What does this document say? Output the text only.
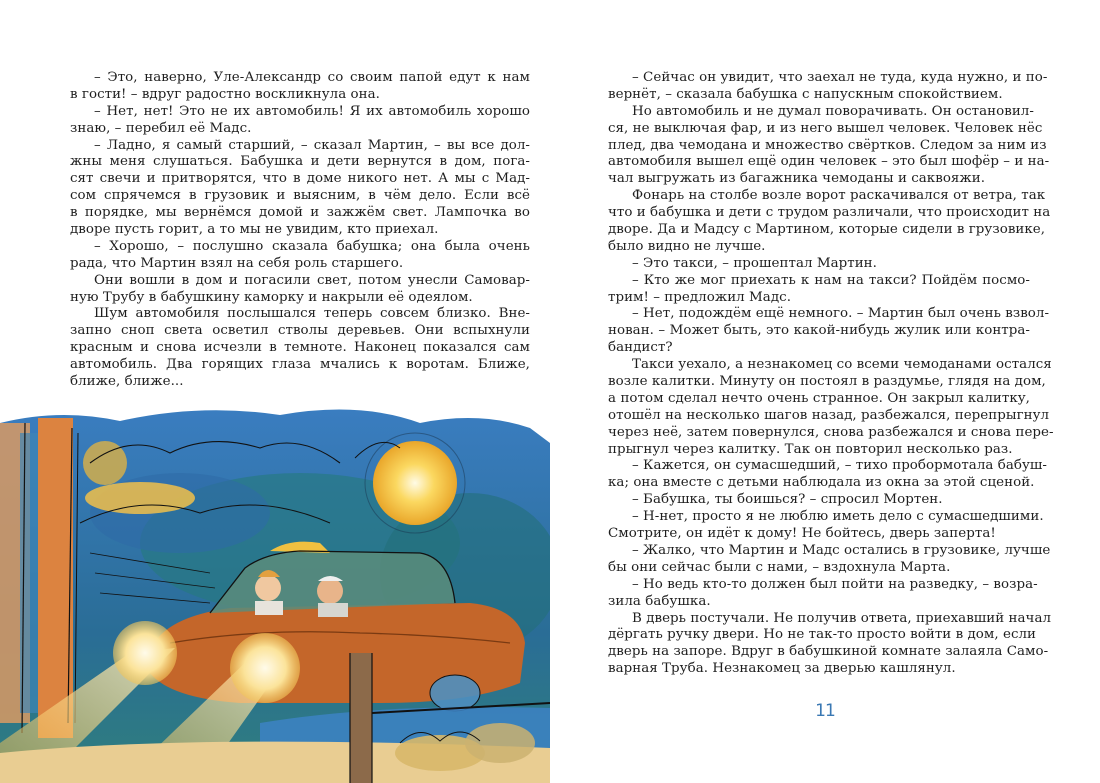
– Это, наверно, Уле-Александр со своим папой едут к нам
в гости! – вдруг радостно воскликнула она.
– Нет, нет! Это не их автомобиль! Я их автомобиль хорошо
знаю, – перебил её Мадс.
– Ладно, я самый старший, – сказал Мартин, – вы все дол-
жны меня слушаться. Бабушка и дети вернутся в дом, пога-
сят свечи и притворятся, что в доме никого нет. А мы с Мад-
сом спрячемся в грузовик и выясним, в чём дело. Если всё
в порядке, мы вернёмся домой и зажжём свет. Лампочка во
дворе пусть горит, а то мы не увидим, кто приехал.
– Хорошо, – послушно сказала бабушка; она была очень
рада, что Мартин взял на себя роль старшего.
Они вошли в дом и погасили свет, потом унесли Самовар-
ную Трубу в бабушкину каморку и накрыли её одеялом.
Шум автомобиля послышался теперь совсем близко. Вне-
запно сноп света осветил стволы деревьев. Они вспыхнули
красным и снова исчезли в темноте. Наконец показался сам
автомобиль. Два горящих глаза мчались к воротам. Ближе,
ближе, ближе...
– Сейчас он увидит, что заехал не туда, куда нужно, и по-
вернёт, – сказала бабушка с напускным спокойствием.
Но автомобиль и не думал поворачивать. Он остановил-
ся, не выключая фар, и из него вышел человек. Человек нёс
плед, два чемодана и множество свёртков. Следом за ним из
автомобиля вышел ещё один человек – это был шофёр – и на-
чал выгружать из багажника чемоданы и саквояжи.
Фонарь на столбе возле ворот раскачивался от ветра, так
что и бабушка и дети с трудом различали, что происходит на
дворе. Да и Мадсу с Мартином, которые сидели в грузовике,
было видно не лучше.
– Это такси, – прошептал Мартин.
– Кто же мог приехать к нам на такси? Пойдём посмо-
трим! – предложил Мадс.
– Нет, подождём ещё немного. – Мартин был очень взвол-
нован. – Может быть, это какой-нибудь жулик или контра-
бандист?
Такси уехало, а незнакомец со всеми чемоданами остался
возле калитки. Минуту он постоял в раздумье, глядя на дом,
а потом сделал нечто очень странное. Он закрыл калитку,
отошёл на несколько шагов назад, разбежался, перепрыгнул
через неё, затем повернулся, снова разбежался и снова пере-
прыгнул через калитку. Так он повторил несколько раз.
– Кажется, он сумасшедший, – тихо пробормотала бабуш-
ка; она вместе с детьми наблюдала из окна за этой сценой.
– Бабушка, ты боишься? – спросил Мортен.
– Н-нет, просто я не люблю иметь дело с сумасшедшими.
Смотрите, он идёт к дому! Не бойтесь, дверь заперта!
– Жалко, что Мартин и Мадс остались в грузовике, лучше
бы они сейчас были с нами, – вздохнула Марта.
– Но ведь кто-то должен был пойти на разведку, – возра-
зила бабушка.
В дверь постучали. Не получив ответа, приехавший начал
дёргать ручку двери. Но не так-то просто войти в дом, если
дверь на запоре. Вдруг в бабушкиной комнате залаяла Само-
варная Труба. Незнакомец за дверью кашлянул.
11
